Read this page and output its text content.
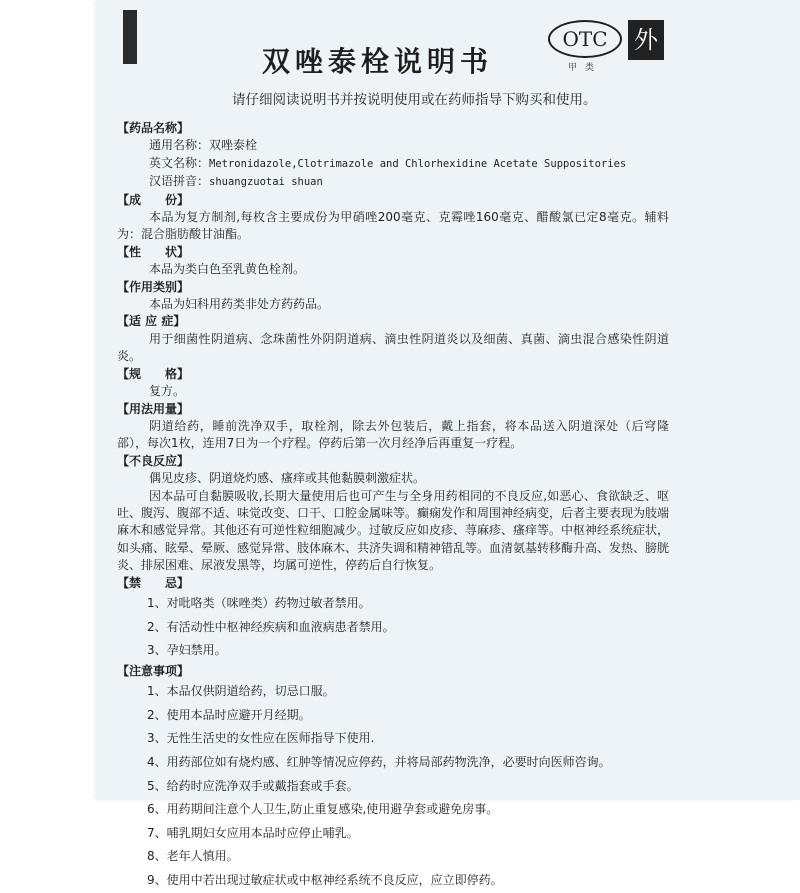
双唑泰栓说明书
OTC
甲类
外
请仔细阅读说明书并按说明使用或在药师指导下购买和使用。
【药品名称】
通用名称：双唑泰栓
英文名称：Metronidazole,Clotrimazole and Chlorhexidine Acetate Suppositories
汉语拼音：shuangzuotai shuan
【成　　份】
本品为复方制剂,每枚含主要成份为甲硝唑200毫克、克霉唑160毫克、醋酸氯已定8毫克。辅料为：混合脂肪酸甘油酯。
【性　　状】
本品为类白色至乳黄色栓剂。
【作用类别】
本品为妇科用药类非处方药药品。
【适 应 症】
用于细菌性阴道病、念珠菌性外阴阴道病、滴虫性阴道炎以及细菌、真菌、滴虫混合感染性阴道炎。
【规　　格】
复方。
【用法用量】
阴道给药，睡前洗净双手，取栓剂，除去外包装后，戴上指套，将本品送入阴道深处（后穹隆部），每次1枚，连用7日为一个疗程。停药后第一次月经净后再重复一疗程。
【不良反应】
偶见皮疹、阴道烧灼感、瘙痒或其他黏膜刺激症状。
因本品可自黏膜吸收,长期大量使用后也可产生与全身用药相同的不良反应,如恶心、食欲缺乏、呕吐、腹泻、腹部不适、味觉改变、口干、口腔金属味等。癫痫发作和周围神经病变，后者主要表现为肢端麻木和感觉异常。其他还有可逆性粒细胞减少。过敏反应如皮疹、荨麻疹、瘙痒等。中枢神经系统症状，如头痛、眩晕、晕厥、感觉异常、肢体麻木、共济失调和精神错乱等。血清氨基转移酶升高、发热、膀胱炎、排尿困难、尿液发黑等，均属可逆性，停药后自行恢复。
【禁　　忌】
1、对吡咯类（咪唑类）药物过敏者禁用。
2、有活动性中枢神经疾病和血液病患者禁用。
3、孕妇禁用。
【注意事项】
1、本品仅供阴道给药，切忌口服。
2、使用本品时应避开月经期。
3、无性生活史的女性应在医师指导下使用.
4、用药部位如有烧灼感、红肿等情况应停药，并将局部药物洗净，必要时向医师咨询。
5、给药时应洗净双手或戴指套或手套。
6、用药期间注意个人卫生,防止重复感染,使用避孕套或避免房事。
7、哺乳期妇女应用本品时应停止哺乳。
8、老年人慎用。
9、使用中若出现过敏症状或中枢神经系统不良反应，应立即停药。
